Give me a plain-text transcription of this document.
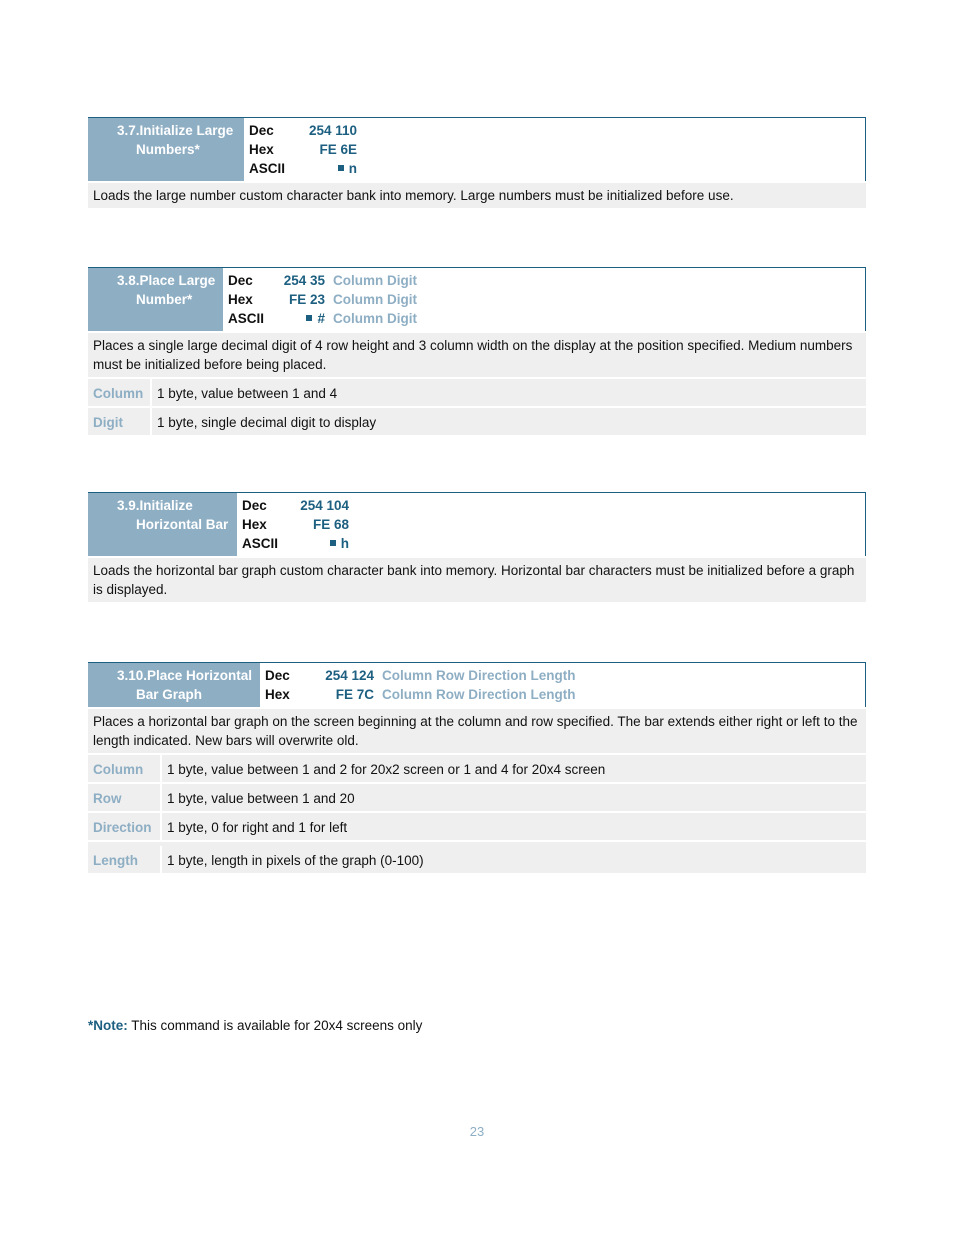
3.7.Initialize Large
Numbers*
Dec	254 110
Hex	FE 6E
ASCII	n
Loads the large number custom character bank into memory. Large numbers must be initialized before use.
3.8.Place Large
Number*
Dec	254 35 Column Digit
Hex	FE 23 Column Digit
ASCII	# Column Digit
Places a single large decimal digit of 4 row height and 3 column width on the display at the position specified. Medium numbers must be initialized before being placed.
Column	1 byte, value between 1 and 4
Digit	1 byte, single decimal digit to display
3.9.Initialize
Horizontal Bar
Dec	254 104
Hex	FE 68
ASCII	h
Loads the horizontal bar graph custom character bank into memory. Horizontal bar characters must be initialized before a graph is displayed.
3.10.Place Horizontal
Bar Graph
Dec	254 124 Column Row Direction Length
Hex	FE 7C Column Row Direction Length
Places a horizontal bar graph on the screen beginning at the column and row specified. The bar extends either right or left to the length indicated. New bars will overwrite old.
Column	1 byte, value between 1 and 2 for 20x2 screen or 1 and 4 for 20x4 screen
Row	1 byte, value between 1 and 20
Direction	1 byte, 0 for right and 1 for left
Length	1 byte, length in pixels of the graph (0-100)
*Note: This command is available for 20x4 screens only
23
